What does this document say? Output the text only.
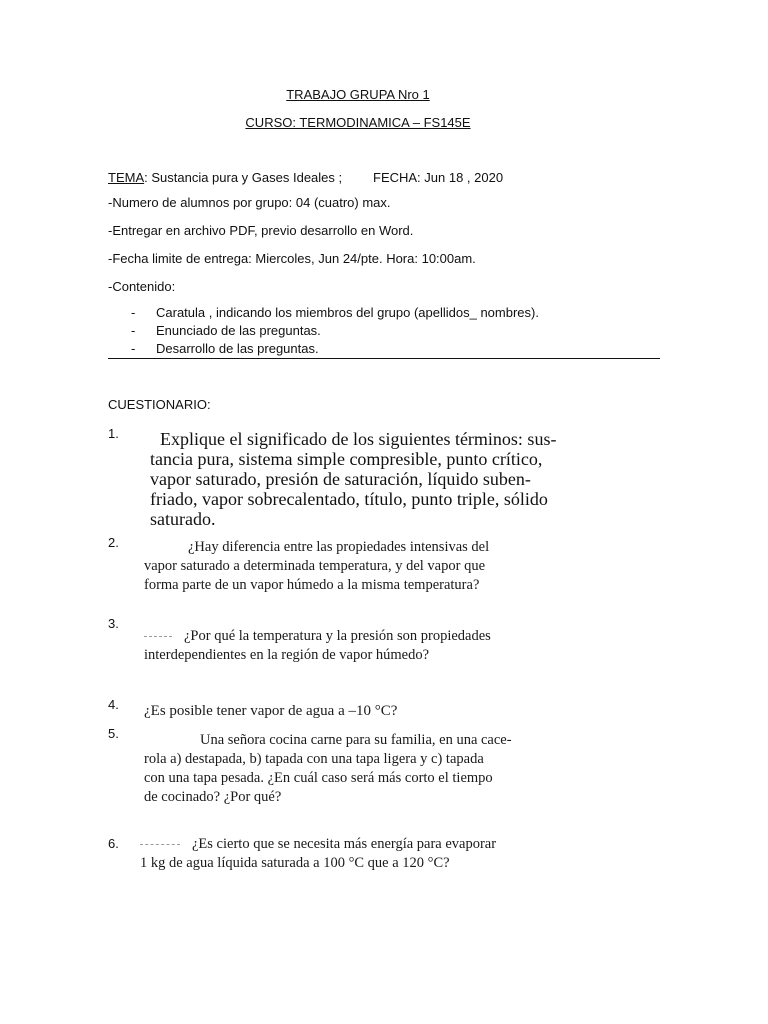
TRABAJO GRUPA Nro 1
CURSO: TERMODINAMICA – FS145E
TEMA: Sustancia pura y Gases Ideales ; FECHA: Jun 18 , 2020
-Numero de alumnos por grupo: 04 (cuatro) max.
-Entregar en archivo PDF, previo desarrollo en Word.
-Fecha limite de entrega: Miercoles, Jun 24/pte. Hora: 10:00am.
-Contenido:
- Caratula , indicando los miembros del grupo (apellidos_ nombres).
- Enunciado de las preguntas.
- Desarrollo de las preguntas.
CUESTIONARIO:
1. Explique el significado de los siguientes términos: sus-
tancia pura, sistema simple compresible, punto crítico,
vapor saturado, presión de saturación, líquido suben-
friado, vapor sobrecalentado, título, punto triple, sólido
saturado.
2.	¿Hay diferencia entre las propiedades intensivas del
vapor saturado a determinada temperatura, y del vapor que
forma parte de un vapor húmedo a la misma temperatura?
3.
¿Por qué la temperatura y la presión son propiedades
interdependientes en la región de vapor húmedo?
4. ¿Es posible tener vapor de agua a –10 °C?
5.	Una señora cocina carne para su familia, en una cace-
rola a) destapada, b) tapada con una tapa ligera y c) tapada
con una tapa pesada. ¿En cuál caso será más corto el tiempo
de cocinado? ¿Por qué?
6.	¿Es cierto que se necesita más energía para evaporar
1 kg de agua líquida saturada a 100 °C que a 120 °C?
